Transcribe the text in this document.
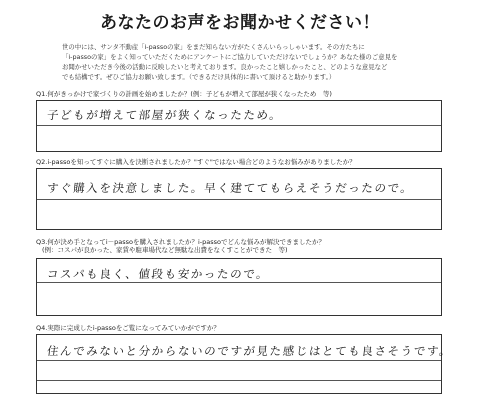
あなたのお声をお聞かせください！
世の中には、サンタ不動産「i-passoの家」をまだ知らない方がたくさんいらっしゃいます。その方たちに
「i-passoの家」をよく知っていただくためにアンケートにご協力していただけないでしょうか？あなた様のご意見を
お聞かせいただき今後の活動に反映したいと考えております。良かったこと嬉しかったこと、どのような意見など
でも結構です。ぜひご協力お願い致します。（できるだけ具体的に書いて頂けると助かります。）
Q1.何がきっかけで家づくりの計画を始めましたか？(例：子どもが増えて部屋が狭くなったため　等)
子どもが増えて部屋が狭くなったため。
Q2.i-passoを知ってすぐに購入を決断されましたか？"すぐ"ではない場合どのようなお悩みがありましたか？
すぐ購入を決意しました。早く建ててもらえそうだったので。
Q3.何が決め手となってi－passoを購入されましたか？i-passoでどんな悩みが解決できましたか？
(例：コスパが良かった、家賃や駐車場代など無駄な出費をなくすことができた　等)
コスパも良く、値段も安かったので。
Q4.実際に完成したi-passoをご覧になってみていかがですか？
住んでみないと分からないのですが見た感じはとても良さそうです。
